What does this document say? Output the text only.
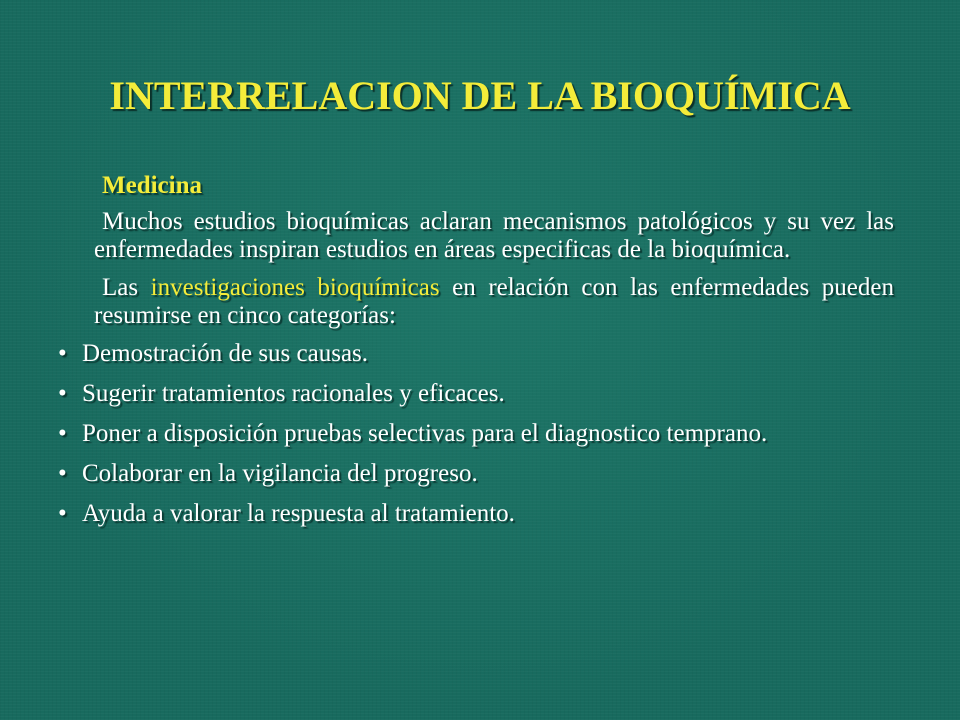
INTERRELACION DE LA BIOQUÍMICA
Medicina

Muchos estudios bioquímicas aclaran mecanismos patológicos y su vez las enfermedades inspiran estudios en áreas especificas de la bioquímica.

Las investigaciones bioquímicas en relación con las enfermedades pueden resumirse en cinco categorías:

• Demostración de sus causas.
• Sugerir tratamientos racionales y eficaces.
• Poner a disposición pruebas selectivas para el diagnostico temprano.
• Colaborar en la vigilancia del progreso.
• Ayuda a valorar la respuesta al tratamiento.
